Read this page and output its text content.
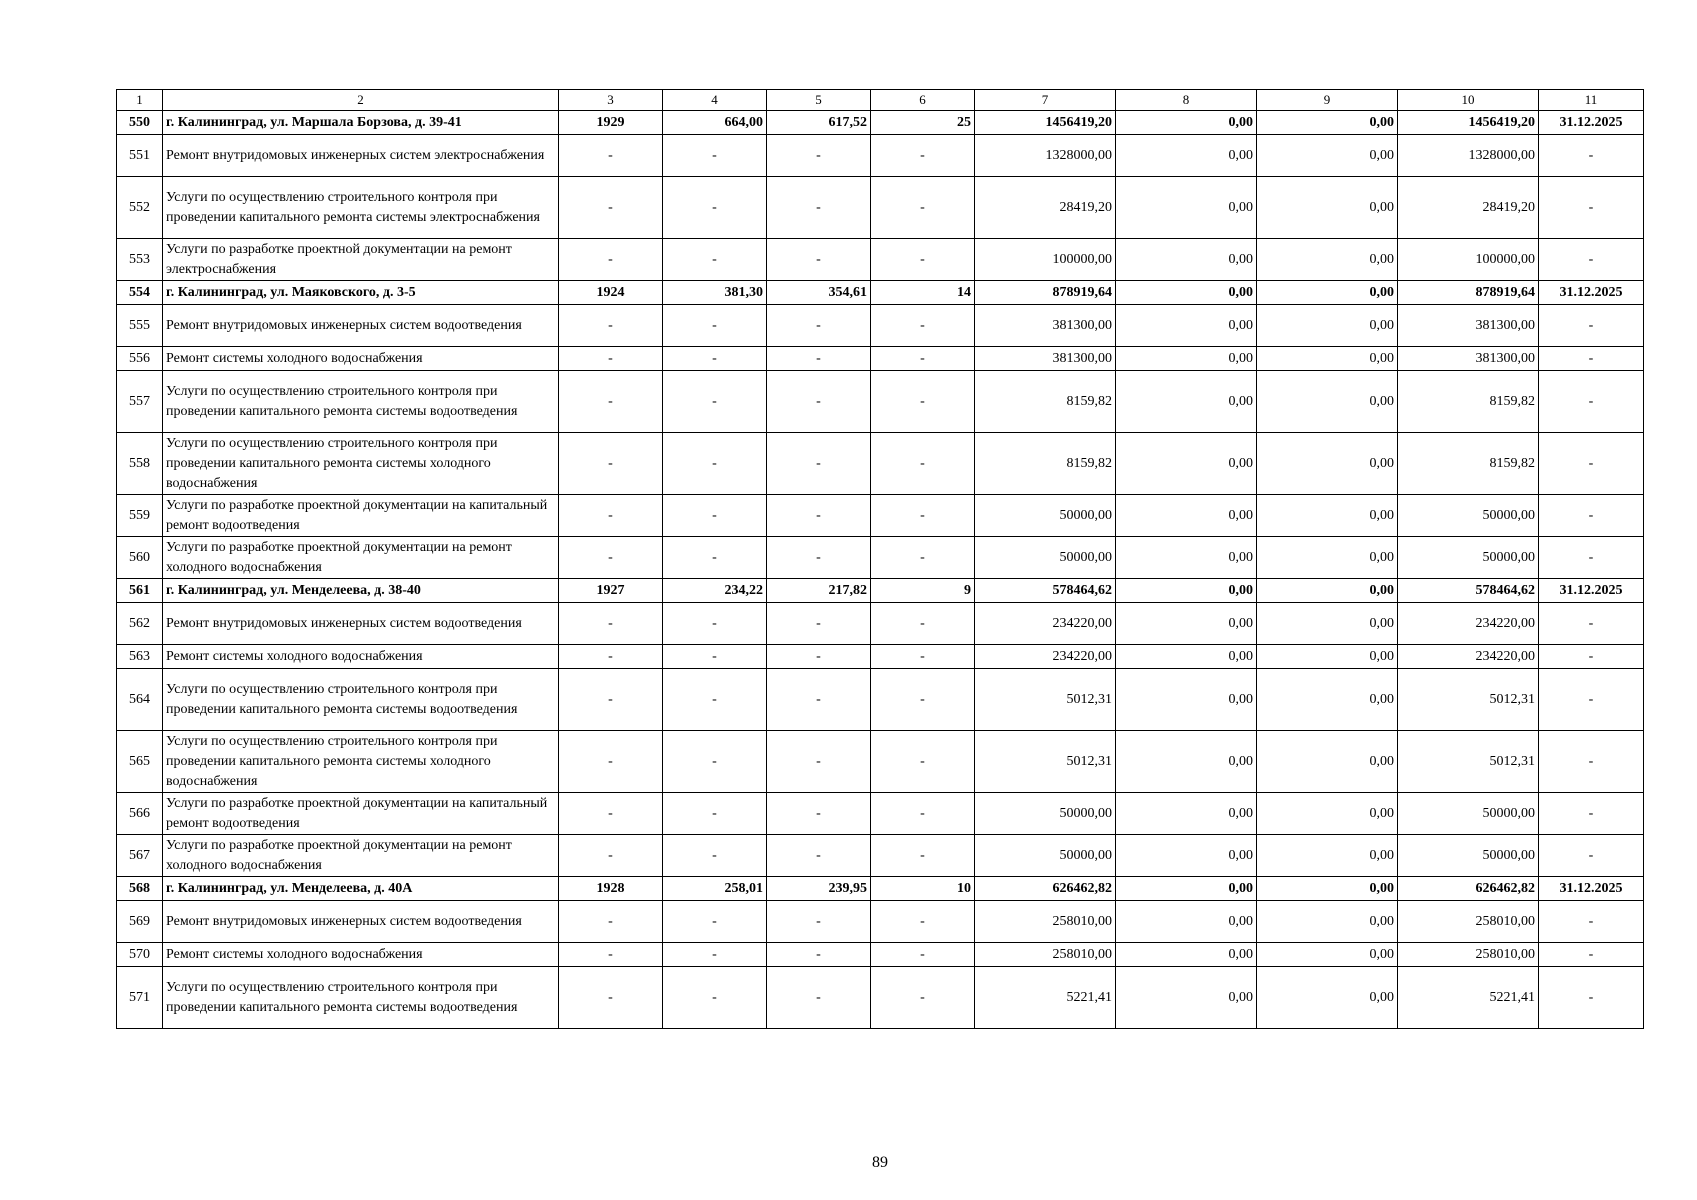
1	2	3	4	5	6	7	8	9	10	11
550	г. Калининград, ул. Маршала Борзова, д. 39-41	1929	664,00	617,52	25	1456419,20	0,00	0,00	1456419,20	31.12.2025
551	Ремонт внутридомовых инженерных систем электроснабжения	-	-	-	-	1328000,00	0,00	0,00	1328000,00	-
552	Услуги по осуществлению строительного контроля при проведении капитального ремонта системы электроснабжения	-	-	-	-	28419,20	0,00	0,00	28419,20	-
553	Услуги по разработке проектной документации на ремонт электроснабжения	-	-	-	-	100000,00	0,00	0,00	100000,00	-
554	г. Калининград, ул. Маяковского, д. 3-5	1924	381,30	354,61	14	878919,64	0,00	0,00	878919,64	31.12.2025
555	Ремонт внутридомовых инженерных систем водоотведения	-	-	-	-	381300,00	0,00	0,00	381300,00	-
556	Ремонт системы холодного водоснабжения	-	-	-	-	381300,00	0,00	0,00	381300,00	-
557	Услуги по осуществлению строительного контроля при проведении капитального ремонта системы водоотведения	-	-	-	-	8159,82	0,00	0,00	8159,82	-
558	Услуги по осуществлению строительного контроля при проведении капитального ремонта системы холодного водоснабжения	-	-	-	-	8159,82	0,00	0,00	8159,82	-
559	Услуги по разработке проектной документации на капитальный ремонт водоотведения	-	-	-	-	50000,00	0,00	0,00	50000,00	-
560	Услуги по разработке проектной документации на ремонт холодного водоснабжения	-	-	-	-	50000,00	0,00	0,00	50000,00	-
561	г. Калининград, ул. Менделеева, д. 38-40	1927	234,22	217,82	9	578464,62	0,00	0,00	578464,62	31.12.2025
562	Ремонт внутридомовых инженерных систем водоотведения	-	-	-	-	234220,00	0,00	0,00	234220,00	-
563	Ремонт системы холодного водоснабжения	-	-	-	-	234220,00	0,00	0,00	234220,00	-
564	Услуги по осуществлению строительного контроля при проведении капитального ремонта системы водоотведения	-	-	-	-	5012,31	0,00	0,00	5012,31	-
565	Услуги по осуществлению строительного контроля при проведении капитального ремонта системы холодного водоснабжения	-	-	-	-	5012,31	0,00	0,00	5012,31	-
566	Услуги по разработке проектной документации на капитальный ремонт водоотведения	-	-	-	-	50000,00	0,00	0,00	50000,00	-
567	Услуги по разработке проектной документации на ремонт холодного водоснабжения	-	-	-	-	50000,00	0,00	0,00	50000,00	-
568	г. Калининград, ул. Менделеева, д. 40А	1928	258,01	239,95	10	626462,82	0,00	0,00	626462,82	31.12.2025
569	Ремонт внутридомовых инженерных систем водоотведения	-	-	-	-	258010,00	0,00	0,00	258010,00	-
570	Ремонт системы холодного водоснабжения	-	-	-	-	258010,00	0,00	0,00	258010,00	-
571	Услуги по осуществлению строительного контроля при проведении капитального ремонта системы водоотведения	-	-	-	-	5221,41	0,00	0,00	5221,41	-
89
